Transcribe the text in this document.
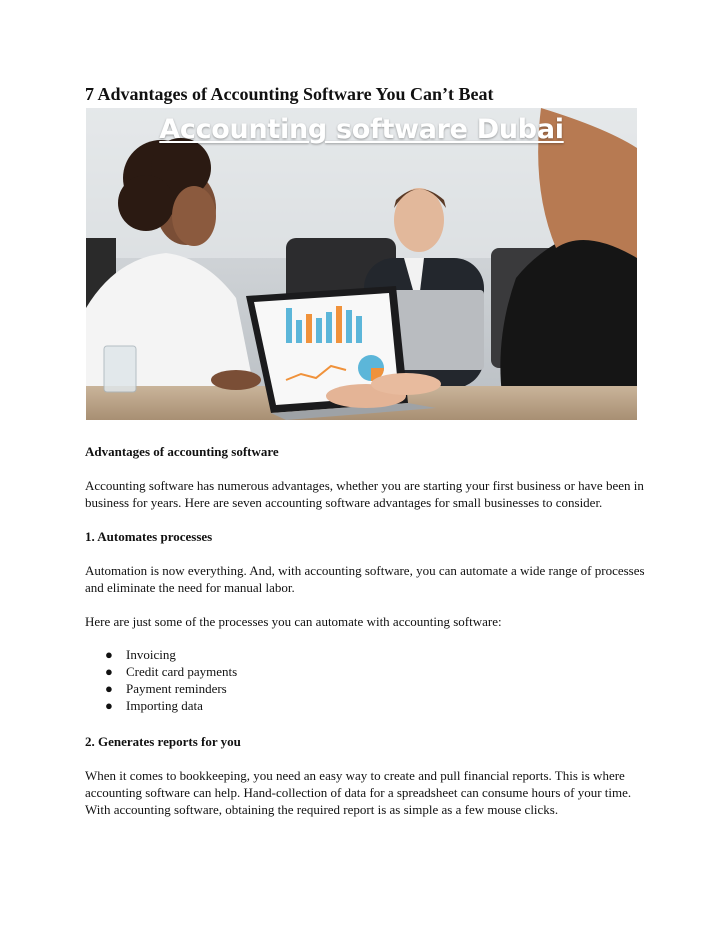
7 Advantages of Accounting Software You Can’t Beat
Accounting software Dubai

Advantages of accounting software

Accounting software has numerous advantages, whether you are starting your first business or have been in business for years. Here are seven accounting software advantages for small businesses to consider.

1. Automates processes

Automation is now everything. And, with accounting software, you can automate a wide range of processes and eliminate the need for manual labor.

Here are just some of the processes you can automate with accounting software:

● Invoicing
● Credit card payments
● Payment reminders
● Importing data

2. Generates reports for you

When it comes to bookkeeping, you need an easy way to create and pull financial reports. This is where accounting software can help. Hand-collection of data for a spreadsheet can consume hours of your time. With accounting software, obtaining the required report is as simple as a few mouse clicks.
